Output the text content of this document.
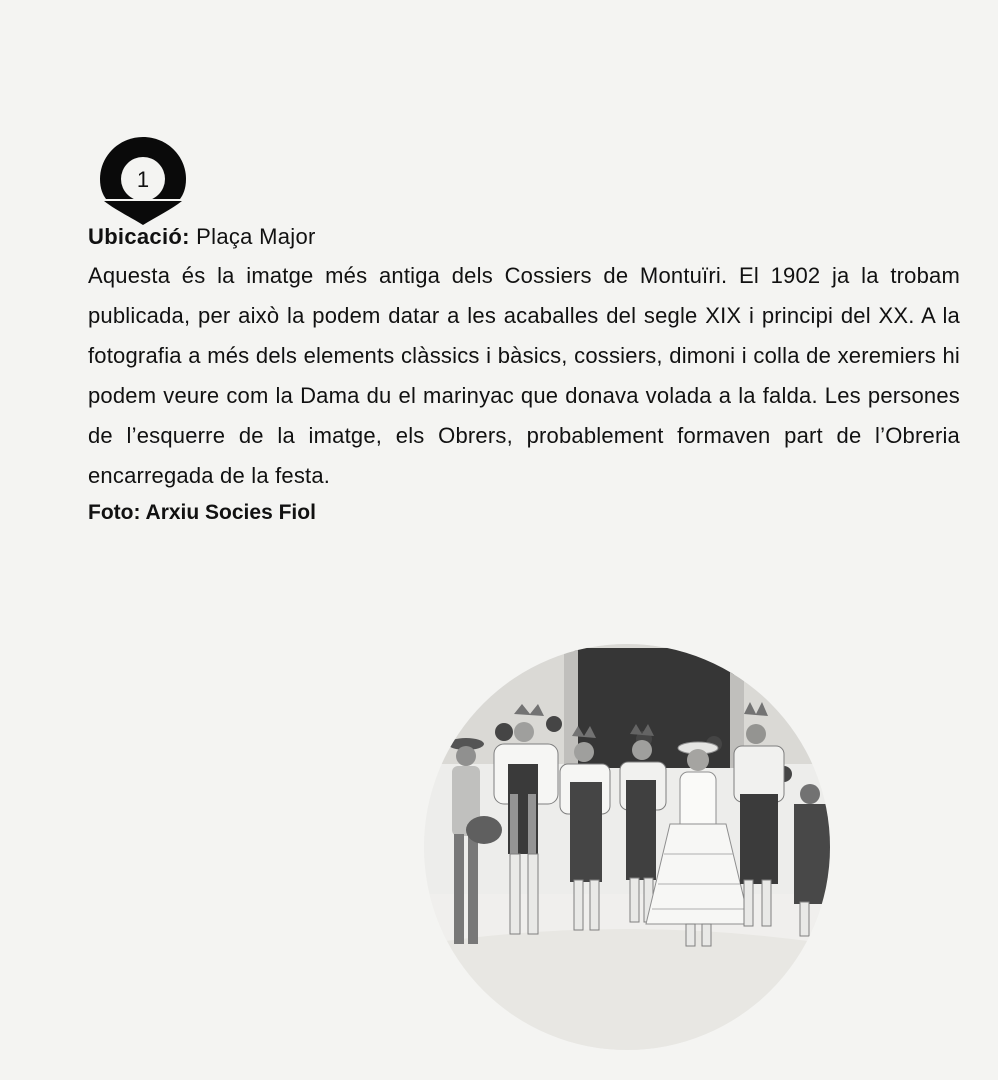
1
Ubicació: Plaça Major

Aquesta és la imatge més antiga dels Cossiers de Montuïri. El 1902 ja la trobam publicada, per això la podem datar a les acaballes del segle XIX i principi del XX. A la fotografia a més dels elements clàssics i bàsics, cossiers, dimoni i colla de xeremiers hi podem veure com la Dama du el marinyac que donava volada a la falda. Les persones de l’esquerre de la imatge, els Obrers, probablement formaven part de l’Obreria encarregada de la festa.

Foto: Arxiu Socies Fiol
